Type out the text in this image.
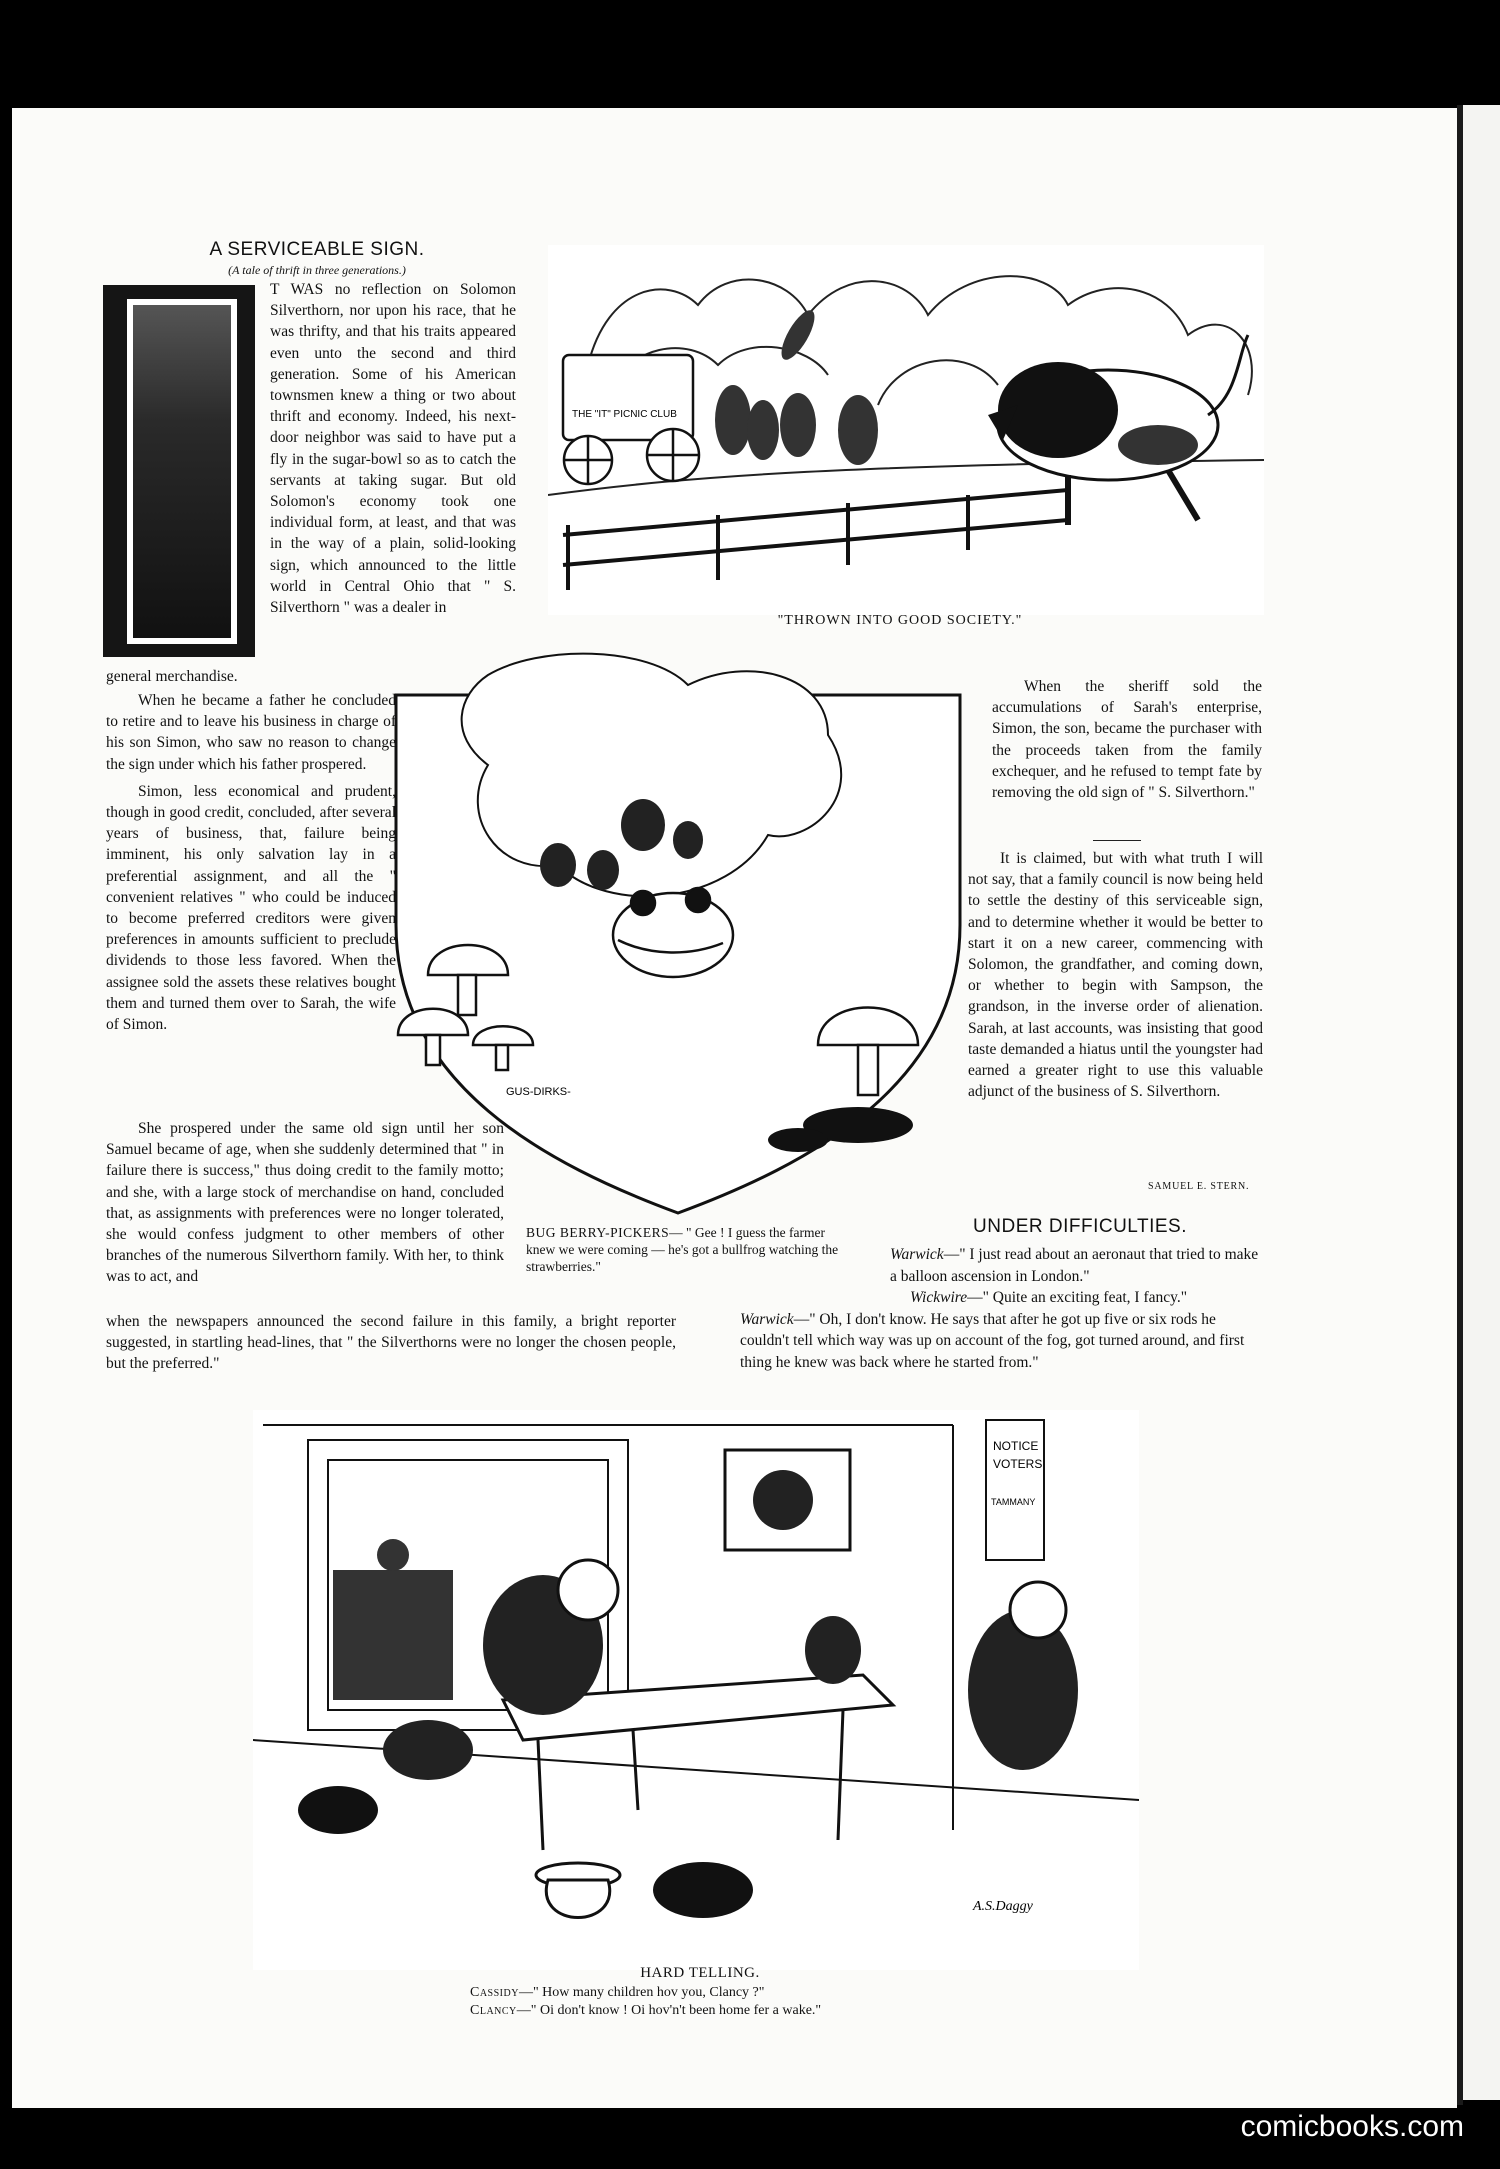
A SERVICEABLE SIGN.
(A tale of thrift in three generations.)

T WAS no reflection on Solomon Silverthorn, nor upon his race, that he was thrifty, and that his traits appeared even unto the second and third generation. Some of his American townsmen knew a thing or two about thrift and economy. Indeed, his next-door neighbor was said to have put a fly in the sugar-bowl so as to catch the servants at taking sugar. But old Solomon's economy took one individual form, at least, and that was in the way of a plain, solid-looking sign, which announced to the little world in Central Ohio that " S. Silverthorn " was a dealer in

general merchandise.

When he became a father he concluded to retire and to leave his business in charge of his son Simon, who saw no reason to change the sign under which his father prospered.

Simon, less economical and prudent, though in good credit, concluded, after several years of business, that, failure being imminent, his only salvation lay in a preferential assignment, and all the " convenient relatives " who could be induced to become preferred creditors were given preferences in amounts sufficient to preclude dividends to those less favored. When the assignee sold the assets these relatives bought them and turned them over to Sarah, the wife of Simon.

She prospered under the same old sign until her son Samuel became of age, when she suddenly determined that " in failure there is success," thus doing credit to the family motto; and she, with a large stock of merchandise on hand, concluded that, as assignments with preferences were no longer tolerated, she would confess judgment to other members of other branches of the numerous Silverthorn family. With her, to think was to act, and

when the newspapers announced the second failure in this family, a bright reporter suggested, in startling head-lines, that " the Silverthorns were no longer the chosen people, but the preferred."

When the sheriff sold the accumulations of Sarah's enterprise, Simon, the son, became the purchaser with the proceeds taken from the family exchequer, and he refused to tempt fate by removing the old sign of " S. Silverthorn."

It is claimed, but with what truth I will not say, that a family council is now being held to settle the destiny of this serviceable sign, and to determine whether it would be better to start it on a new career, commencing with Solomon, the grandfather, and coming down, or whether to begin with Sampson, the grandson, in the inverse order of alienation. Sarah, at last accounts, was insisting that good taste demanded a hiatus until the youngster had earned a greater right to use this valuable adjunct of the business of S. Silverthorn.

SAMUEL E. STERN.
THE "IT" PICNIC CLUB
"THROWN INTO GOOD SOCIETY."
GUS-DIRKS-
BUG BERRY-PICKERS— " Gee ! I guess the farmer knew we were coming — he's got a bullfrog watching the strawberries."
UNDER DIFFICULTIES.

Warwick—" I just read about an aeronaut that tried to make a balloon ascension in London."

Wickwire—" Quite an exciting feat, I fancy."

Warwick—" Oh, I don't know. He says that after he got up five or six rods he couldn't tell which way was up on account of the fog, got turned around, and first thing he knew was back where he started from."

NOTICE
VOTERS
TAMMANY
A.S.Daggy
HARD TELLING.
Cassidy—" How many children hov you, Clancy ?"
Clancy—" Oi don't know ! Oi hov'n't been home fer a wake."
comicbooks.com
